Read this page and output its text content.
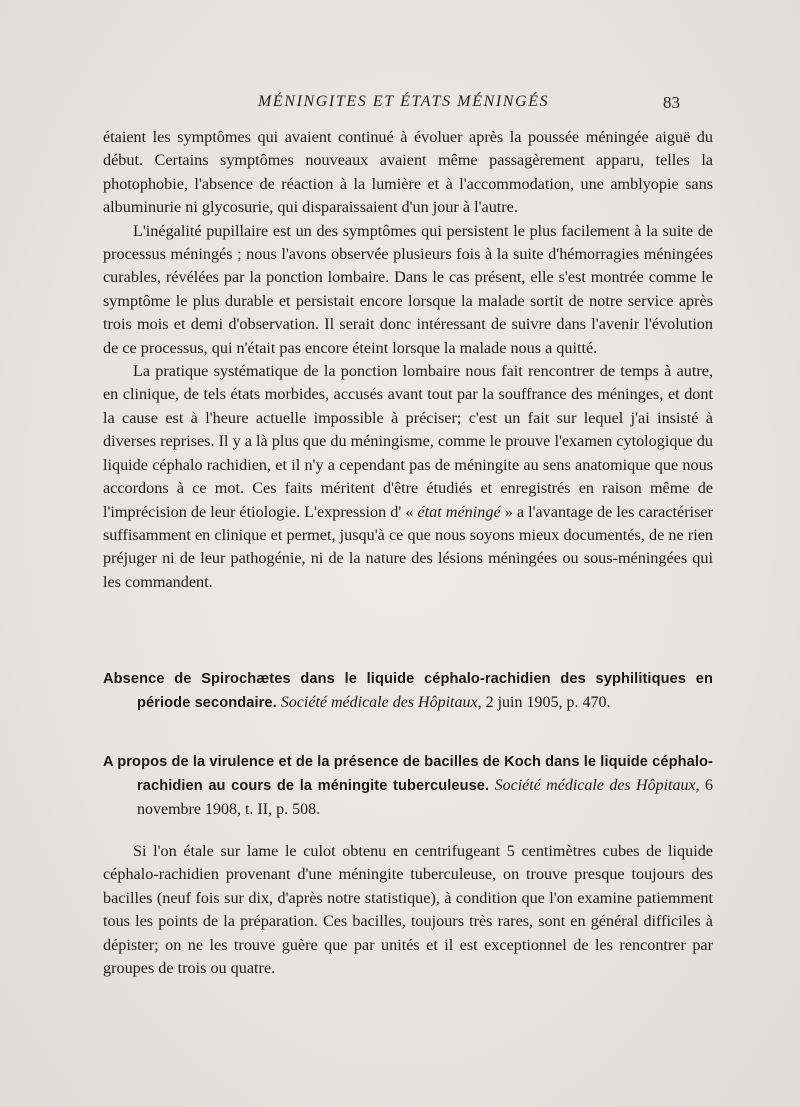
MÉNINGITES ET ÉTATS MÉNINGÉS	83

étaient les symptômes qui avaient continué à évoluer après la poussée méningée aiguë du début. Certains symptômes nouveaux avaient même passagèrement apparu, telles la photophobie, l'absence de réaction à la lumière et à l'accommodation, une amblyopie sans albuminurie ni glycosurie, qui disparaissaient d'un jour à l'autre.

L'inégalité pupillaire est un des symptômes qui persistent le plus facilement à la suite de processus méningés ; nous l'avons observée plusieurs fois à la suite d'hémorragies méningées curables, révélées par la ponction lombaire. Dans le cas présent, elle s'est montrée comme le symptôme le plus durable et persistait encore lorsque la malade sortit de notre service après trois mois et demi d'observation. Il serait donc intéressant de suivre dans l'avenir l'évolution de ce processus, qui n'était pas encore éteint lorsque la malade nous a quitté.

La pratique systématique de la ponction lombaire nous fait rencontrer de temps à autre, en clinique, de tels états morbides, accusés avant tout par la souffrance des méninges, et dont la cause est à l'heure actuelle impossible à préciser; c'est un fait sur lequel j'ai insisté à diverses reprises. Il y a là plus que du méningisme, comme le prouve l'examen cytologique du liquide céphalo rachidien, et il n'y a cependant pas de méningite au sens anatomique que nous accordons à ce mot. Ces faits méritent d'être étudiés et enregistrés en raison même de l'imprécision de leur étiologie. L'expression d' « état méningé » a l'avantage de les caractériser suffisamment en clinique et permet, jusqu'à ce que nous soyons mieux documentés, de ne rien préjuger ni de leur pathogénie, ni de la nature des lésions méningées ou sous-méningées qui les commandent.

Absence de Spirochætes dans le liquide céphalo-rachidien des syphilitiques en période secondaire. Société médicale des Hôpitaux, 2 juin 1905, p. 470.
A propos de la virulence et de la présence de bacilles de Koch dans le liquide céphalo-rachidien au cours de la méningite tuberculeuse. Société médicale des Hôpitaux, 6 novembre 1908, t. II, p. 508.

Si l'on étale sur lame le culot obtenu en centrifugeant 5 centimètres cubes de liquide céphalo-rachidien provenant d'une méningite tuberculeuse, on trouve presque toujours des bacilles (neuf fois sur dix, d'après notre statistique), à condition que l'on examine patiemment tous les points de la préparation. Ces bacilles, toujours très rares, sont en général difficiles à dépister; on ne les trouve guère que par unités et il est exceptionnel de les rencontrer par groupes de trois ou quatre.
